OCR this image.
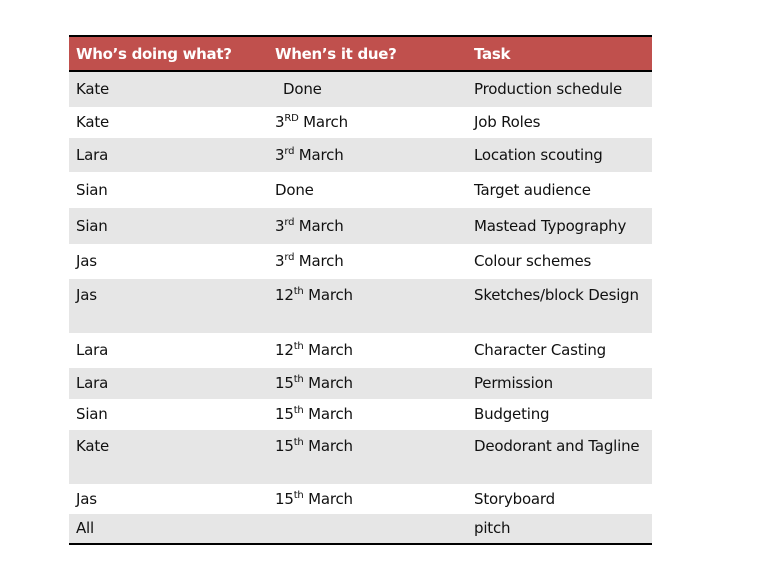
Who’s doing what?	When’s it due?	Task
Kate	Done	Production schedule
Kate	3RD March	Job Roles
Lara	3rd March	Location scouting
Sian	Done	Target audience
Sian	3rd March	Mastead Typography
Jas	3rd March	Colour schemes
Jas	12th March	Sketches/block Design
Lara	12th March	Character Casting
Lara	15th March	Permission
Sian	15th March	Budgeting
Kate	15th March	Deodorant and Tagline
Jas	15th March	Storyboard
All		pitch
